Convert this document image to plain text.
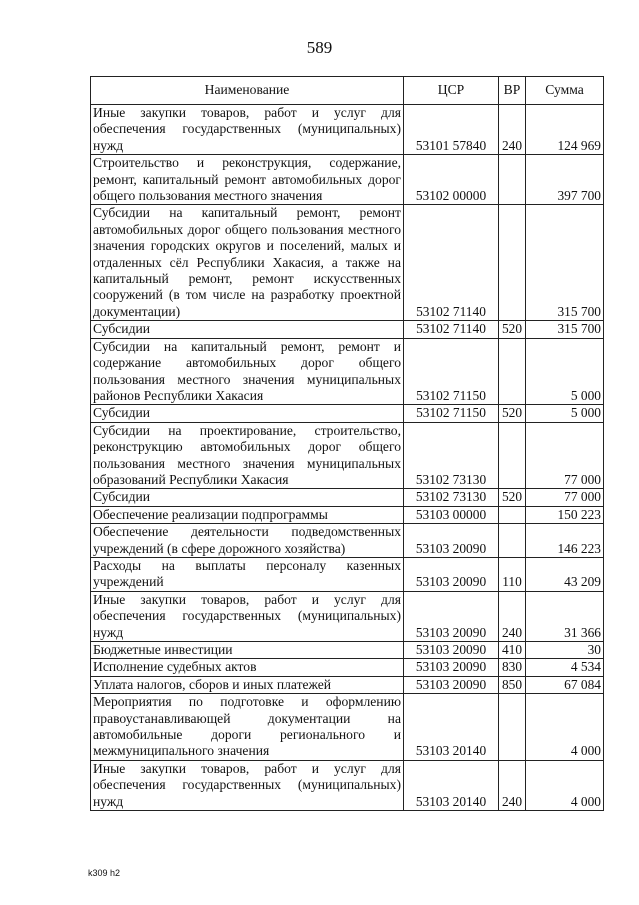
589
Наименование	ЦСР	ВР	Сумма
Иные закупки товаров, работ и услуг для обеспечения государственных (муниципальных) нужд	53101 57840	240	124 969
Строительство и реконструкция, содержание, ремонт, капитальный ремонт автомобильных дорог общего пользования местного значения	53102 00000		397 700
Субсидии на капитальный ремонт, ремонт автомобильных дорог общего пользования местного значения городских округов и поселений, малых и отдаленных сёл Республики Хакасия, а также на капитальный ремонт, ремонт искусственных сооружений (в том числе на разработку проектной документации)	53102 71140		315 700
Субсидии	53102 71140	520	315 700
Субсидии на капитальный ремонт, ремонт и содержание автомобильных дорог общего пользования местного значения муниципальных районов Республики Хакасия	53102 71150		5 000
Субсидии	53102 71150	520	5 000
Субсидии на проектирование, строительство, реконструкцию автомобильных дорог общего пользования местного значения муниципальных образований Республики Хакасия	53102 73130		77 000
Субсидии	53102 73130	520	77 000
Обеспечение реализации подпрограммы	53103 00000		150 223
Обеспечение деятельности подведомственных учреждений (в сфере дорожного хозяйства)	53103 20090		146 223
Расходы на выплаты персоналу казенных учреждений	53103 20090	110	43 209
Иные закупки товаров, работ и услуг для обеспечения государственных (муниципальных) нужд	53103 20090	240	31 366
Бюджетные инвестиции	53103 20090	410	30
Исполнение судебных актов	53103 20090	830	4 534
Уплата налогов, сборов и иных платежей	53103 20090	850	67 084
Мероприятия по подготовке и оформлению правоустанавливающей документации на автомобильные дороги регионального и межмуниципального значения	53103 20140		4 000
Иные закупки товаров, работ и услуг для обеспечения государственных (муниципальных) нужд	53103 20140	240	4 000
k309 h2
